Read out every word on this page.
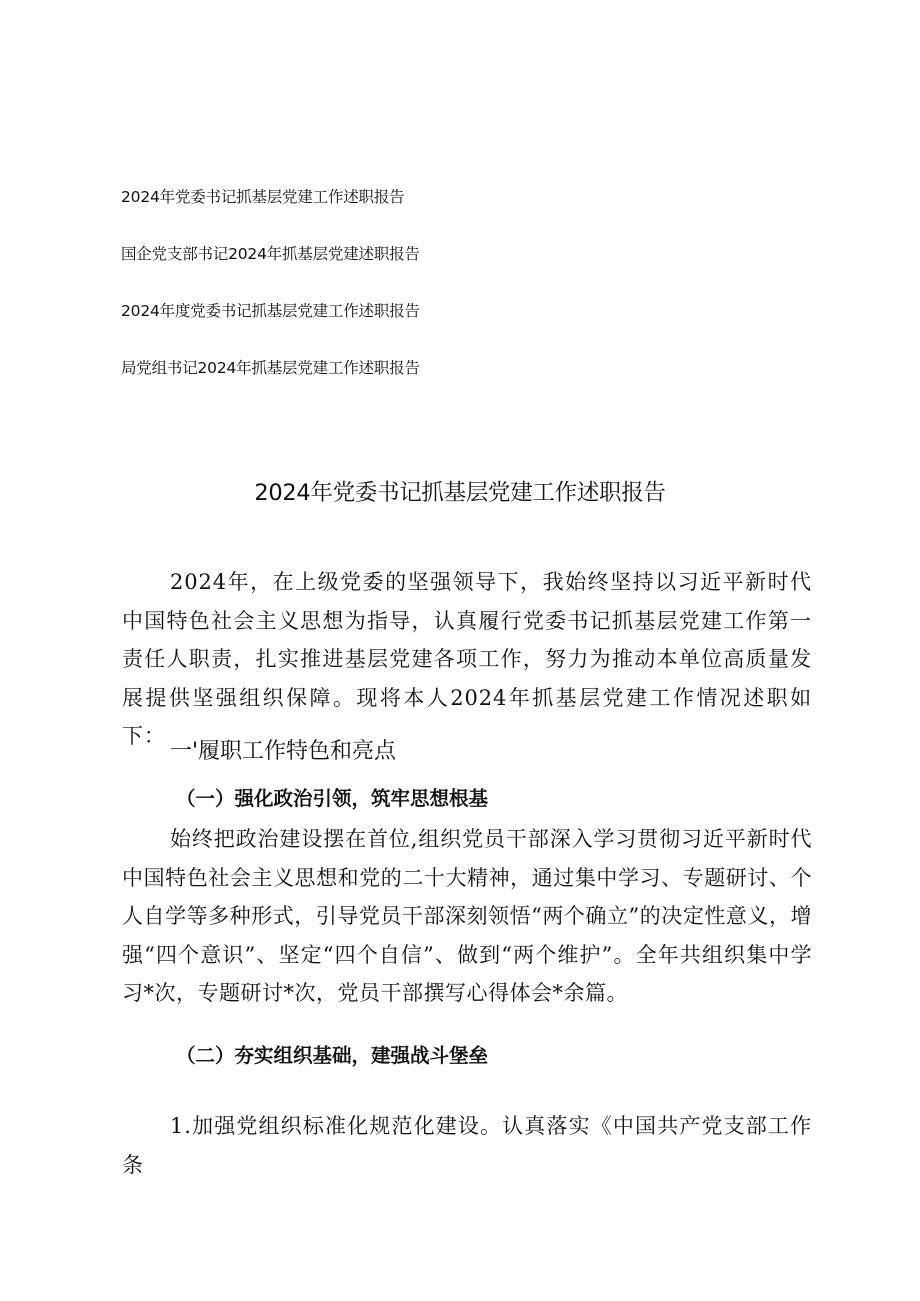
2024年党委书记抓基层党建工作述职报告
国企党支部书记2024年抓基层党建述职报告
2024年度党委书记抓基层党建工作述职报告
局党组书记2024年抓基层党建工作述职报告
2024年党委书记抓基层党建工作述职报告

2024年，在上级党委的坚强领导下，我始终坚持以习近平新时代中国特色社会主义思想为指导，认真履行党委书记抓基层党建工作第一责任人职责，扎实推进基层党建各项工作，努力为推动本单位高质量发展提供坚强组织保障。现将本人2024年抓基层党建工作情况述职如下：

一'履职工作特色和亮点
（一）强化政治引领，筑牢思想根基

始终把政治建设摆在首位,组织党员干部深入学习贯彻习近平新时代中国特色社会主义思想和党的二十大精神，通过集中学习、专题研讨、个人自学等多种形式，引导党员干部深刻领悟“两个确立”的决定性意义，增强“四个意识”、坚定“四个自信”、做到“两个维护”。全年共组织集中学习*次，专题研讨*次，党员干部撰写心得体会*余篇。

（二）夯实组织基础，建强战斗堡垒

1.加强党组织标准化规范化建设。认真落实《中国共产党支部工作条
